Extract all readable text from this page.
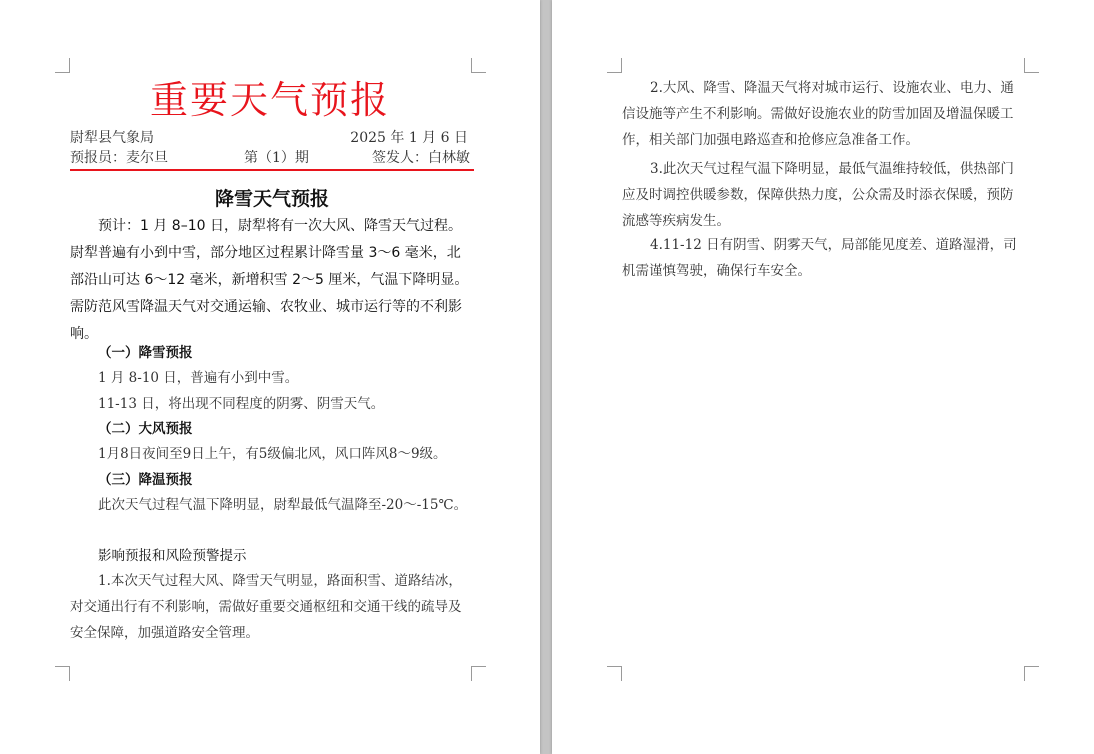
重要天气预报
尉犁县气象局	2025 年 1 月 6 日
预报员：麦尔旦	第（1）期	签发人：白林敏
降雪天气预报
预计：1 月 8–10 日，尉犁将有一次大风、降雪天气过程。尉犁普遍有小到中雪，部分地区过程累计降雪量 3～6 毫米，北部沿山可达 6～12 毫米，新增积雪 2～5 厘米，气温下降明显。需防范风雪降温天气对交通运输、农牧业、城市运行等的不利影响。
（一）降雪预报
1 月 8-10 日，普遍有小到中雪。
11-13 日，将出现不同程度的阴雾、阴雪天气。
（二）大风预报
1月8日夜间至9日上午，有5级偏北风，风口阵风8～9级。
（三）降温预报
此次天气过程气温下降明显，尉犁最低气温降至-20～-15℃。
影响预报和风险预警提示
1.本次天气过程大风、降雪天气明显，路面积雪、道路结冰，对交通出行有不利影响，需做好重要交通枢纽和交通干线的疏导及安全保障，加强道路安全管理。
2.大风、降雪、降温天气将对城市运行、设施农业、电力、通信设施等产生不利影响。需做好设施农业的防雪加固及增温保暖工作，相关部门加强电路巡查和抢修应急准备工作。
3.此次天气过程气温下降明显，最低气温维持较低，供热部门应及时调控供暖参数，保障供热力度，公众需及时添衣保暖，预防流感等疾病发生。
4.11-12 日有阴雪、阴雾天气，局部能见度差、道路湿滑，司机需谨慎驾驶，确保行车安全。
